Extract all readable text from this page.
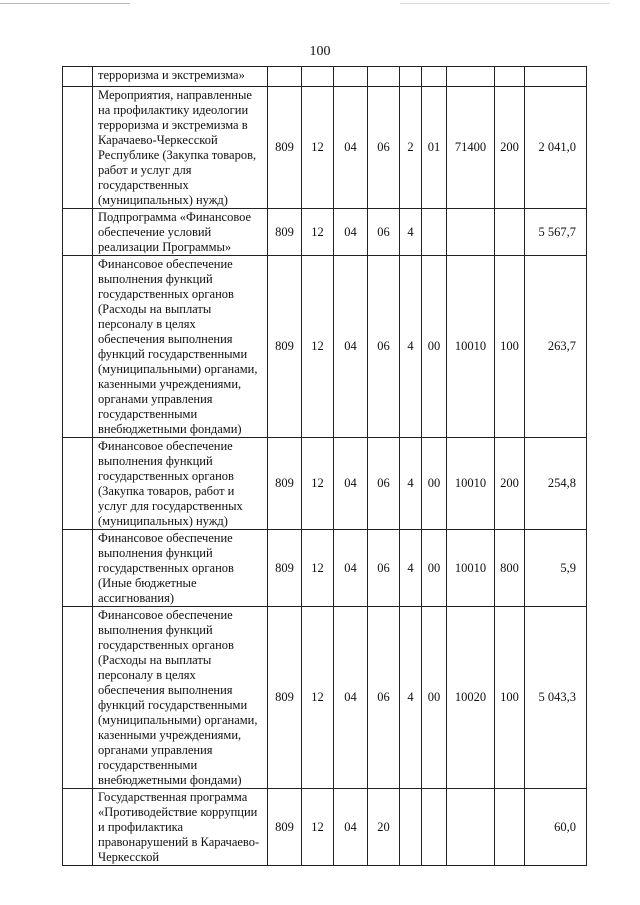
100
	терроризма и экстремизма»									
	Мероприятия, направленные на профилактику идеологии терроризма и экстремизма в Карачаево-Черкесской Республике (Закупка товаров, работ и услуг для государственных (муниципальных) нужд)	809	12	04	06	2	01	71400	200	2 041,0
	Подпрограмма «Финансовое обеспечение условий реализации Программы»	809	12	04	06	4				5 567,7
	Финансовое обеспечение выполнения функций государственных органов (Расходы на выплаты персоналу в целях обеспечения выполнения функций государственными (муниципальными) органами, казенными учреждениями, органами управления государственными внебюджетными фондами)	809	12	04	06	4	00	10010	100	263,7
	Финансовое обеспечение выполнения функций государственных органов (Закупка товаров, работ и услуг для государственных (муниципальных) нужд)	809	12	04	06	4	00	10010	200	254,8
	Финансовое обеспечение выполнения функций государственных органов (Иные бюджетные ассигнования)	809	12	04	06	4	00	10010	800	5,9
	Финансовое обеспечение выполнения функций государственных органов (Расходы на выплаты персоналу в целях обеспечения выполнения функций государственными (муниципальными) органами, казенными учреждениями, органами управления государственными внебюджетными фондами)	809	12	04	06	4	00	10020	100	5 043,3
	Государственная программа «Противодействие коррупции и профилактика правонарушений в Карачаево-Черкесской	809	12	04	20					60,0
